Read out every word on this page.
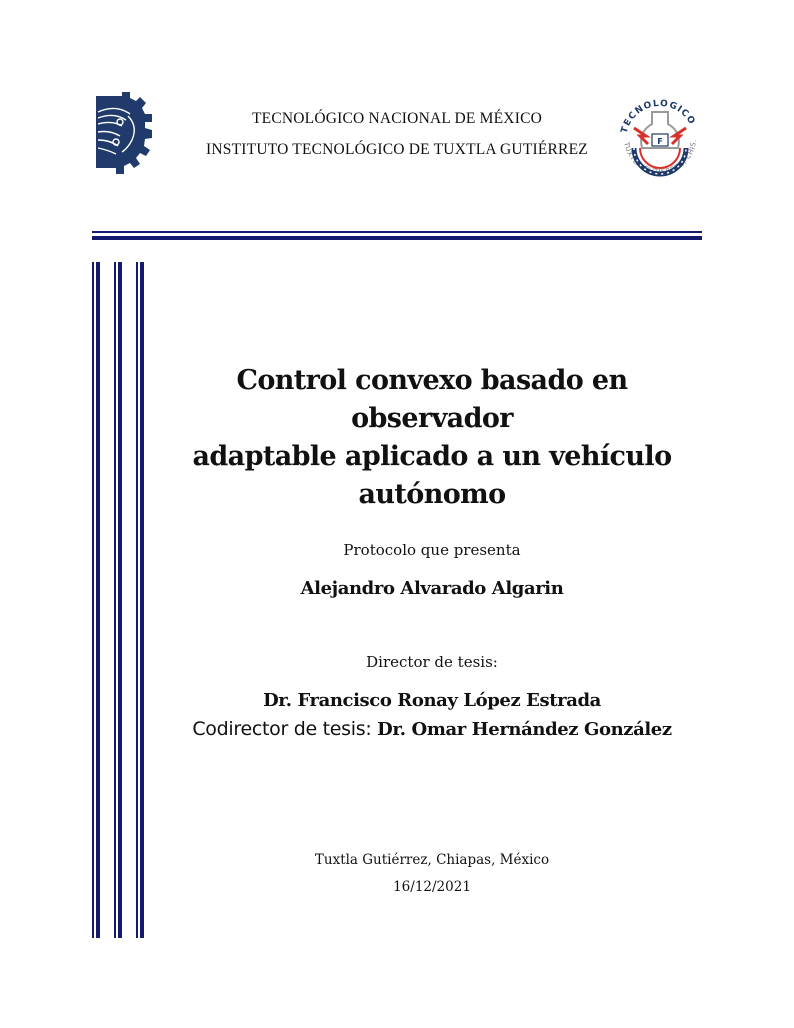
TECNOLÓGICO NACIONAL DE MÉXICO
INSTITUTO TECNOLÓGICO DE TUXTLA GUTIÉRREZ
TECNOLOGICO
TUXTLA GUTIERREZ, CHIS.
F
Control convexo basado en observador
adaptable aplicado a un vehículo
autónomo
Protocolo que presenta
Alejandro Alvarado Algarin
Director de tesis:
Dr. Francisco Ronay López Estrada
Codirector de tesis: Dr. Omar Hernández González
Tuxtla Gutiérrez, Chiapas, México
16/12/2021
